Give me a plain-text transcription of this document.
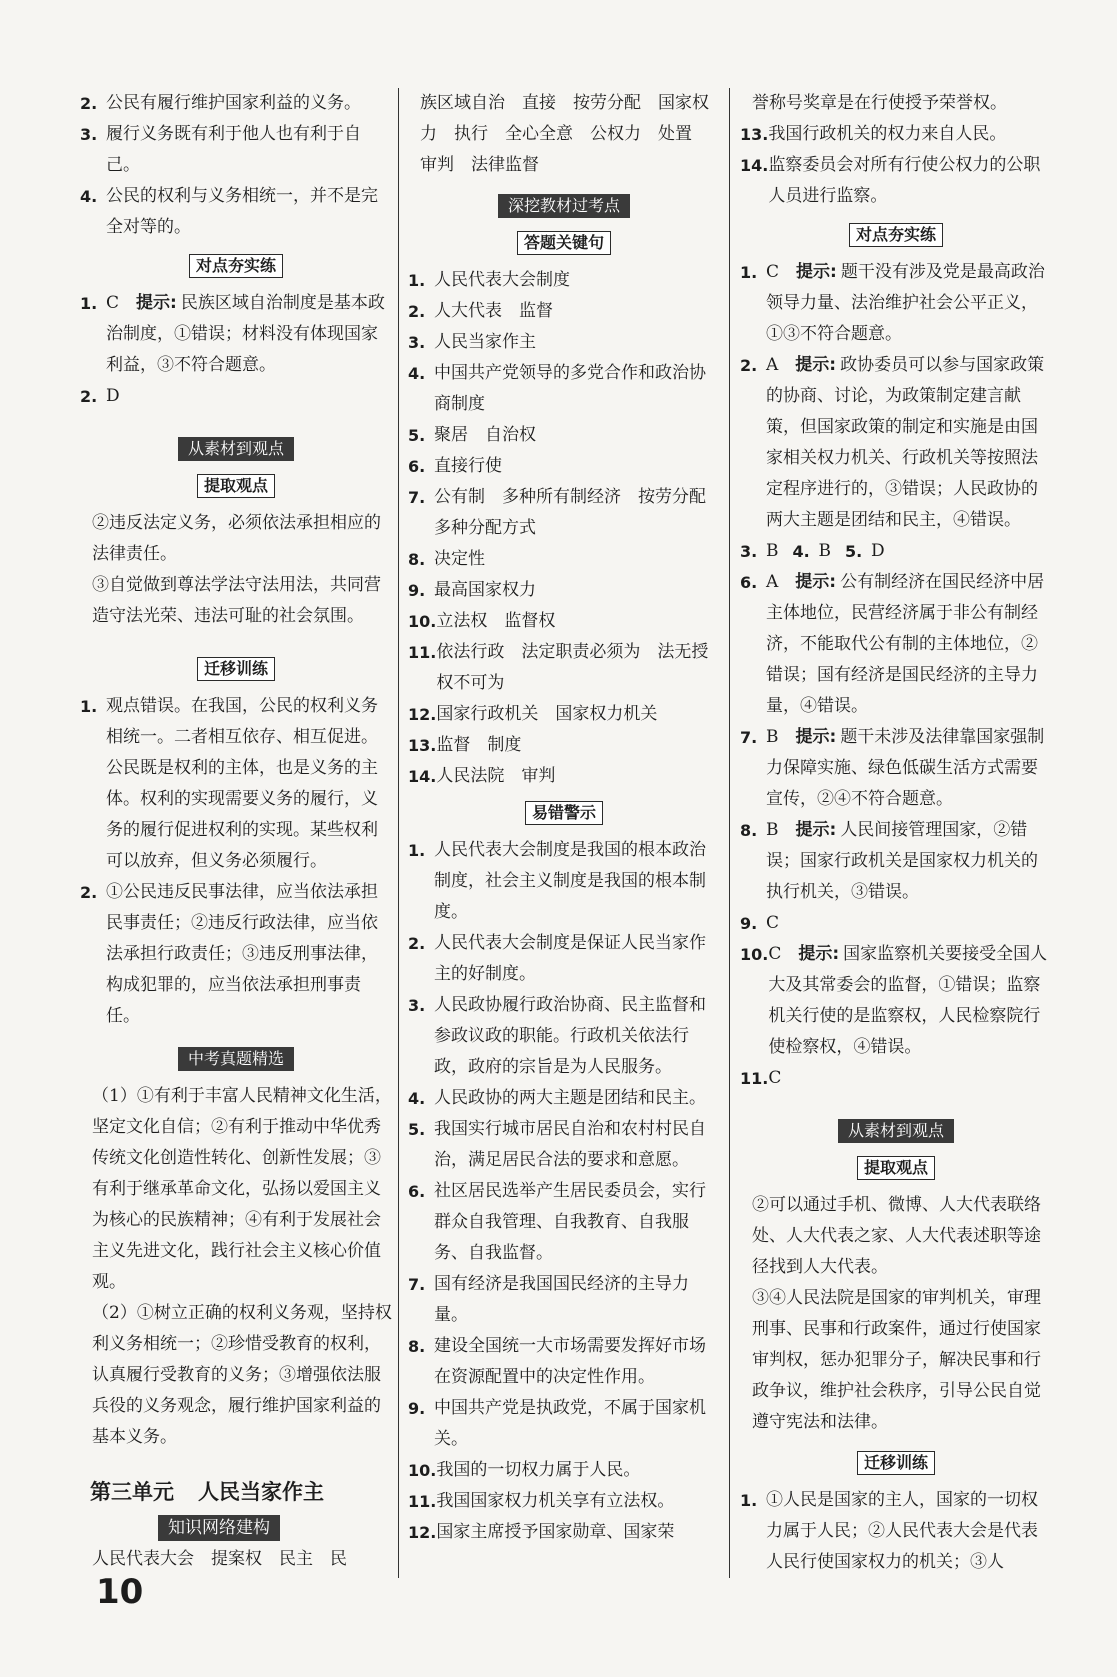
2. 公民有履行维护国家利益的义务。
3. 履行义务既有利于他人也有利于自己。
4. 公民的权利与义务相统一，并不是完全对等的。
对点夯实练
1. C　 提示: 民族区域自治制度是基本政治制度，①错误；材料没有体现国家利益，③不符合题意。
2. D
从素材到观点
提取观点

②违反法定义务，必须依法承担相应的法律责任。

③自觉做到尊法学法守法用法，共同营造守法光荣、违法可耻的社会氛围。

迁移训练
1. 观点错误。在我国，公民的权利义务相统一。二者相互依存、相互促进。公民既是权利的主体，也是义务的主体。权利的实现需要义务的履行，义务的履行促进权利的实现。某些权利可以放弃，但义务必须履行。
2. ①公民违反民事法律，应当依法承担民事责任；②违反行政法律，应当依法承担行政责任；③违反刑事法律，构成犯罪的，应当依法承担刑事责任。
中考真题精选

（1）①有利于丰富人民精神文化生活，坚定文化自信；②有利于推动中华优秀传统文化创造性转化、创新性发展；③有利于继承革命文化，弘扬以爱国主义为核心的民族精神；④有利于发展社会主义先进文化，践行社会主义核心价值观。

（2）①树立正确的权利义务观，坚持权利义务相统一；②珍惜受教育的权利，认真履行受教育的义务；③增强依法服兵役的义务观念，履行维护国家利益的基本义务。

第三单元 人民当家作主
知识网络建构

人民代表大会　提案权　民主　民

族区域自治　直接　按劳分配　国家权力　执行　全心全意　公权力　处置　审判　法律监督

深挖教材过考点
答题关键句
1. 人民代表大会制度
2. 人大代表　监督
3. 人民当家作主
4. 中国共产党领导的多党合作和政治协商制度
5. 聚居　自治权
6. 直接行使
7. 公有制　多种所有制经济　按劳分配　多种分配方式
8. 决定性
9. 最高国家权力
10. 立法权　监督权
11. 依法行政　法定职责必须为　法无授权不可为
12. 国家行政机关　国家权力机关
13. 监督　制度
14. 人民法院　审判
易错警示
1. 人民代表大会制度是我国的根本政治制度，社会主义制度是我国的根本制度。
2. 人民代表大会制度是保证人民当家作主的好制度。
3. 人民政协履行政治协商、民主监督和参政议政的职能。行政机关依法行政，政府的宗旨是为人民服务。
4. 人民政协的两大主题是团结和民主。
5. 我国实行城市居民自治和农村村民自治，满足居民合法的要求和意愿。
6. 社区居民选举产生居民委员会，实行群众自我管理、自我教育、自我服务、自我监督。
7. 国有经济是我国国民经济的主导力量。
8. 建设全国统一大市场需要发挥好市场在资源配置中的决定性作用。
9. 中国共产党是执政党，不属于国家机关。
10. 我国的一切权力属于人民。
11. 我国国家权力机关享有立法权。
12. 国家主席授予国家勋章、国家荣

誉称号奖章是在行使授予荣誉权。

13. 我国行政机关的权力来自人民。
14. 监察委员会对所有行使公权力的公职人员进行监察。
对点夯实练
1. C　 提示: 题干没有涉及党是最高政治领导力量、法治维护社会公平正义，①③不符合题意。
2. A　 提示: 政协委员可以参与国家政策的协商、讨论，为政策制定建言献策，但国家政策的制定和实施是由国家相关权力机关、行政机关等按照法定程序进行的，③错误；人民政协的两大主题是团结和民主，④错误。
3. B 4. B 5. D
6. A　 提示: 公有制经济在国民经济中居主体地位，民营经济属于非公有制经济，不能取代公有制的主体地位，②错误；国有经济是国民经济的主导力量，④错误。
7. B　 提示: 题干未涉及法律靠国家强制力保障实施、绿色低碳生活方式需要宣传，②④不符合题意。
8. B　 提示: 人民间接管理国家，②错误；国家行政机关是国家权力机关的执行机关，③错误。
9. C
10. C　 提示: 国家监察机关要接受全国人大及其常委会的监督，①错误；监察机关行使的是监察权，人民检察院行使检察权，④错误。
11. C
从素材到观点
提取观点

②可以通过手机、微博、人大代表联络处、人大代表之家、人大代表述职等途径找到人大代表。

③④人民法院是国家的审判机关，审理刑事、民事和行政案件，通过行使国家审判权，惩办犯罪分子，解决民事和行政争议，维护社会秩序，引导公民自觉遵守宪法和法律。

迁移训练
1. ①人民是国家的主人，国家的一切权力属于人民；②人民代表大会是代表人民行使国家权力的机关；③人
10
